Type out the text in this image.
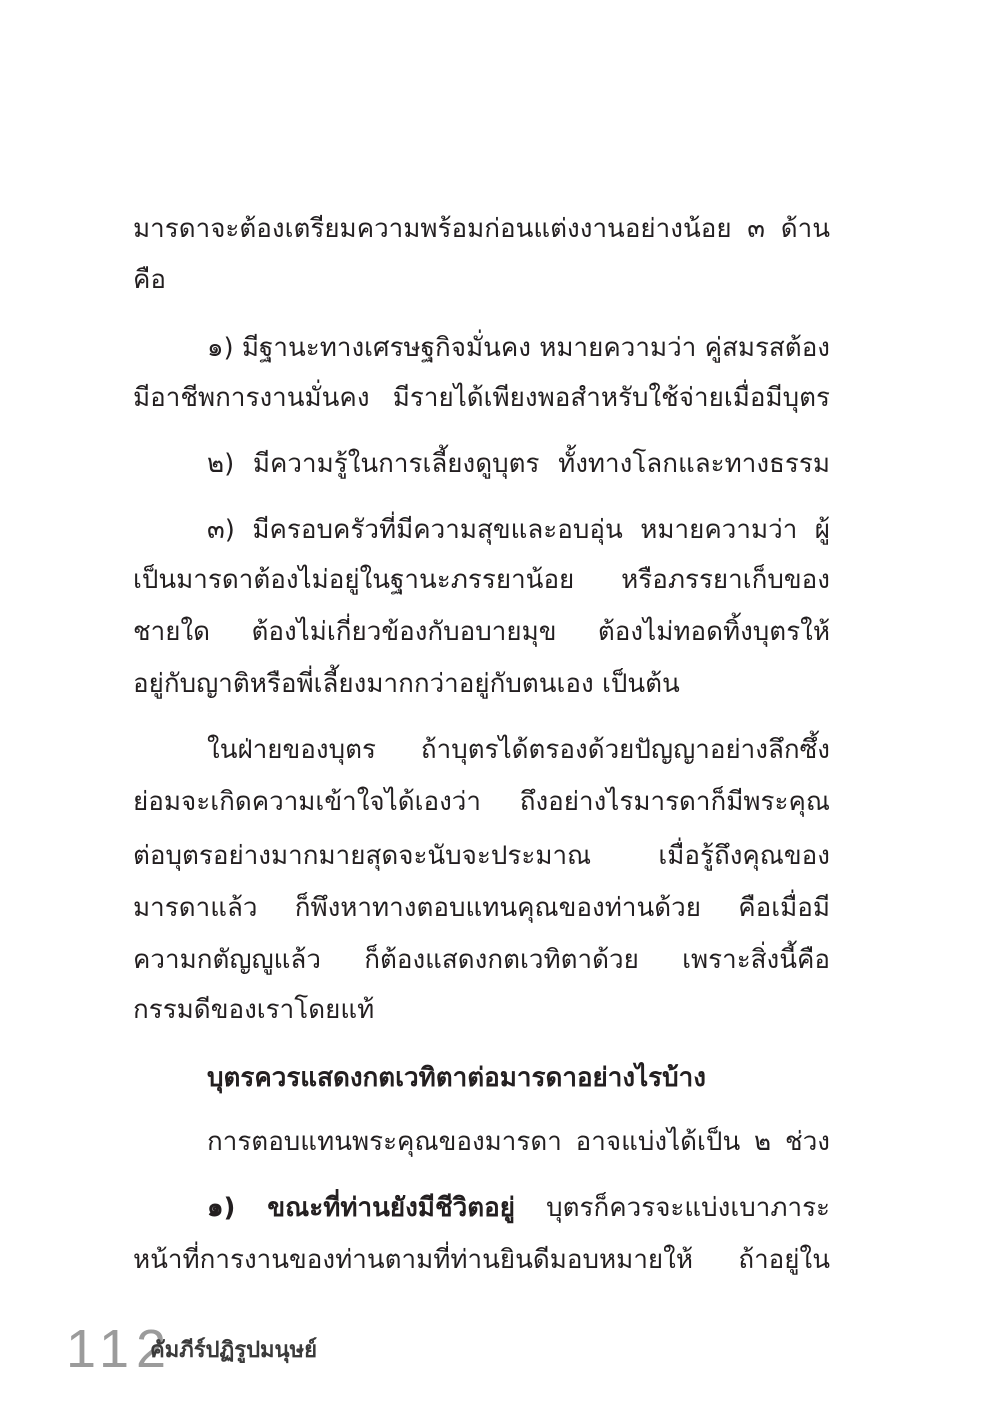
มารดาจะต้องเตรียมความพร้อมก่อนแต่งงานอย่างน้อย ๓ ด้าน
คือ
๑) มีฐานะทางเศรษฐกิจมั่นคง หมายความว่า คู่สมรสต้อง
มีอาชีพการงานมั่นคง มีรายได้เพียงพอสำหรับใช้จ่ายเมื่อมีบุตร
๒) มีความรู้ในการเลี้ยงดูบุตร ทั้งทางโลกและทางธรรม
๓) มีครอบครัวที่มีความสุขและอบอุ่น หมายความว่า ผู้
เป็นมารดาต้องไม่อยู่ในฐานะภรรยาน้อย หรือภรรยาเก็บของ
ชายใด ต้องไม่เกี่ยวข้องกับอบายมุข ต้องไม่ทอดทิ้งบุตรให้
อยู่กับญาติหรือพี่เลี้ยงมากกว่าอยู่กับตนเอง เป็นต้น
ในฝ่ายของบุตร ถ้าบุตรได้ตรองด้วยปัญญาอย่างลึกซึ้ง
ย่อมจะเกิดความเข้าใจได้เองว่า ถึงอย่างไรมารดาก็มีพระคุณ
ต่อบุตรอย่างมากมายสุดจะนับจะประมาณ เมื่อรู้ถึงคุณของ
มารดาแล้ว ก็พึงหาทางตอบแทนคุณของท่านด้วย คือเมื่อมี
ความกตัญญูแล้ว ก็ต้องแสดงกตเวทิตาด้วย เพราะสิ่งนี้คือ
กรรมดีของเราโดยแท้
บุตรควรแสดงกตเวทิตาต่อมารดาอย่างไรบ้าง
การตอบแทนพระคุณของมารดา อาจแบ่งได้เป็น ๒ ช่วง
๑) ขณะที่ท่านยังมีชีวิตอยู่ บุตรก็ควรจะแบ่งเบาภาระ
หน้าที่การงานของท่านตามที่ท่านยินดีมอบหมายให้ ถ้าอยู่ใน
112
คัมภีร์ปฏิรูปมนุษย์
